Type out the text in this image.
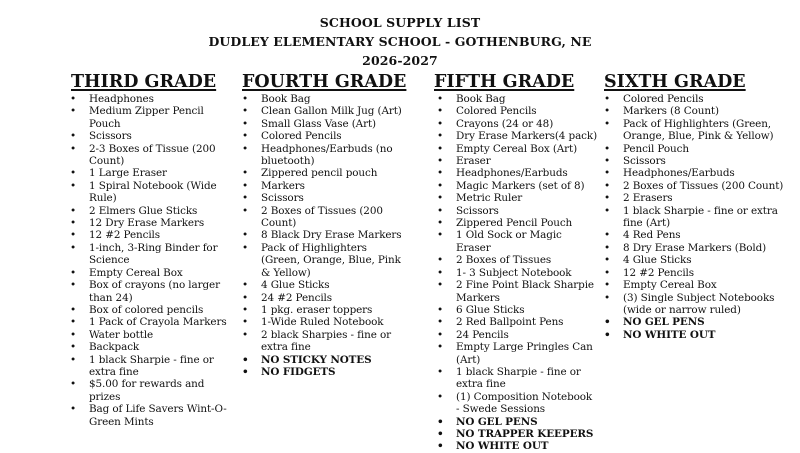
SCHOOL SUPPLY LIST
DUDLEY ELEMENTARY SCHOOL - GOTHENBURG, NE
2026-2027
THIRD GRADE
• Headphones
• Medium Zipper Pencil Pouch
• Scissors
• 2-3 Boxes of Tissue (200 Count)
• 1 Large Eraser
• 1 Spiral Notebook (Wide Rule)
• 2 Elmers Glue Sticks
• 12 Dry Erase Markers
• 12 #2 Pencils
• 1-inch, 3-Ring Binder for Science
• Empty Cereal Box
• Box of crayons (no larger than 24)
• Box of colored pencils
• 1 Pack of Crayola Markers
• Water bottle
• Backpack
• 1 black Sharpie - fine or extra fine
• $5.00 for rewards and prizes
• Bag of Life Savers Wint-O-Green Mints
FOURTH GRADE
• Book Bag
• Clean Gallon Milk Jug (Art)
• Small Glass Vase (Art)
• Colored Pencils
• Headphones/Earbuds (no bluetooth)
• Zippered pencil pouch
• Markers
• Scissors
• 2 Boxes of Tissues (200 Count)
• 8 Black Dry Erase Markers
• Pack of Highlighters (Green, Orange, Blue, Pink & Yellow)
• 4 Glue Sticks
• 24 #2 Pencils
• 1 pkg. eraser toppers
• 1-Wide Ruled Notebook
• 2 black Sharpies - fine or extra fine
• NO STICKY NOTES
• NO FIDGETS
FIFTH GRADE
• Book Bag
• Colored Pencils
• Crayons (24 or 48)
• Dry Erase Markers(4 pack)
• Empty Cereal Box (Art)
• Eraser
• Headphones/Earbuds
• Magic Markers (set of 8)
• Metric Ruler
• Scissors
• Zippered Pencil Pouch
• 1 Old Sock or Magic Eraser
• 2 Boxes of Tissues
• 1- 3 Subject Notebook
• 2 Fine Point Black Sharpie Markers
• 6 Glue Sticks
• 2 Red Ballpoint Pens
• 24 Pencils
• Empty Large Pringles Can (Art)
• 1 black Sharpie - fine or extra fine
• (1) Composition Notebook - Swede Sessions
• NO GEL PENS
• NO TRAPPER KEEPERS
• NO WHITE OUT
SIXTH GRADE
• Colored Pencils
• Markers (8 Count)
• Pack of Highlighters (Green, Orange, Blue, Pink & Yellow)
• Pencil Pouch
• Scissors
• Headphones/Earbuds
• 2 Boxes of Tissues (200 Count)
• 2 Erasers
• 1 black Sharpie - fine or extra fine (Art)
• 4 Red Pens
• 8 Dry Erase Markers (Bold)
• 4 Glue Sticks
• 12 #2 Pencils
• Empty Cereal Box
• (3) Single Subject Notebooks (wide or narrow ruled)
• NO GEL PENS
• NO WHITE OUT
